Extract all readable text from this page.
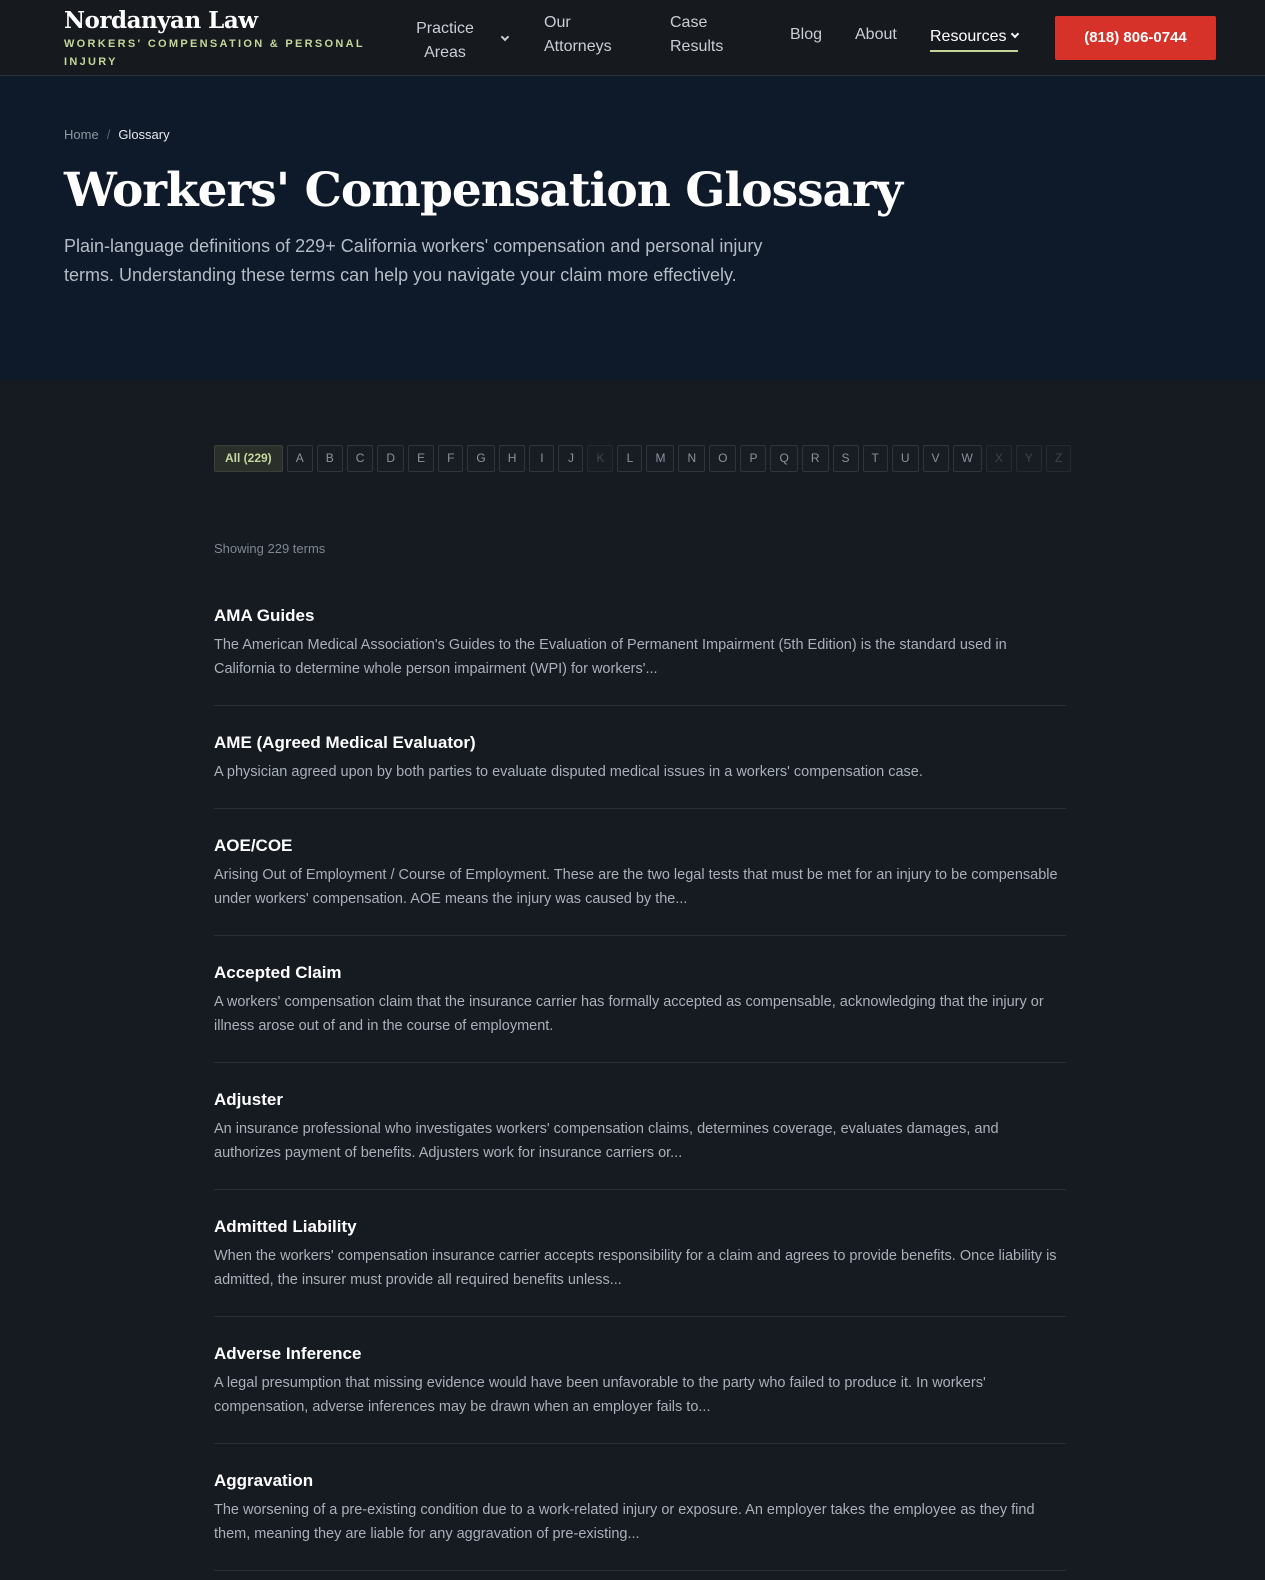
Nordanyan Law
WORKERS' COMPENSATION & PERSONAL INJURY
Practice Areas
Our Attorneys
Case Results
Blog About Resources	(818) 806-0744
Home / Glossary
Workers' Compensation Glossary

Plain-language definitions of 229+ California workers' compensation and personal injury terms. Understanding these terms can help you navigate your claim more effectively.

All (229)	A	B	C	D	E	F	G	H	I	J	K	L	M	N	O	P	Q	R	S	T	U	V	W	X	Y	Z
Showing 229 terms
AMA Guides
The American Medical Association's Guides to the Evaluation of Permanent Impairment (5th Edition) is the standard used in California to determine whole person impairment (WPI) for workers'...
AME (Agreed Medical Evaluator)
A physician agreed upon by both parties to evaluate disputed medical issues in a workers' compensation case.
AOE/COE
Arising Out of Employment / Course of Employment. These are the two legal tests that must be met for an injury to be compensable under workers' compensation. AOE means the injury was caused by the...
Accepted Claim
A workers' compensation claim that the insurance carrier has formally accepted as compensable, acknowledging that the injury or illness arose out of and in the course of employment.
Adjuster
An insurance professional who investigates workers' compensation claims, determines coverage, evaluates damages, and authorizes payment of benefits. Adjusters work for insurance carriers or...
Admitted Liability
When the workers' compensation insurance carrier accepts responsibility for a claim and agrees to provide benefits. Once liability is admitted, the insurer must provide all required benefits unless...
Adverse Inference
A legal presumption that missing evidence would have been unfavorable to the party who failed to produce it. In workers' compensation, adverse inferences may be drawn when an employer fails to...
Aggravation
The worsening of a pre-existing condition due to a work-related injury or exposure. An employer takes the employee as they find them, meaning they are liable for any aggravation of pre-existing...
